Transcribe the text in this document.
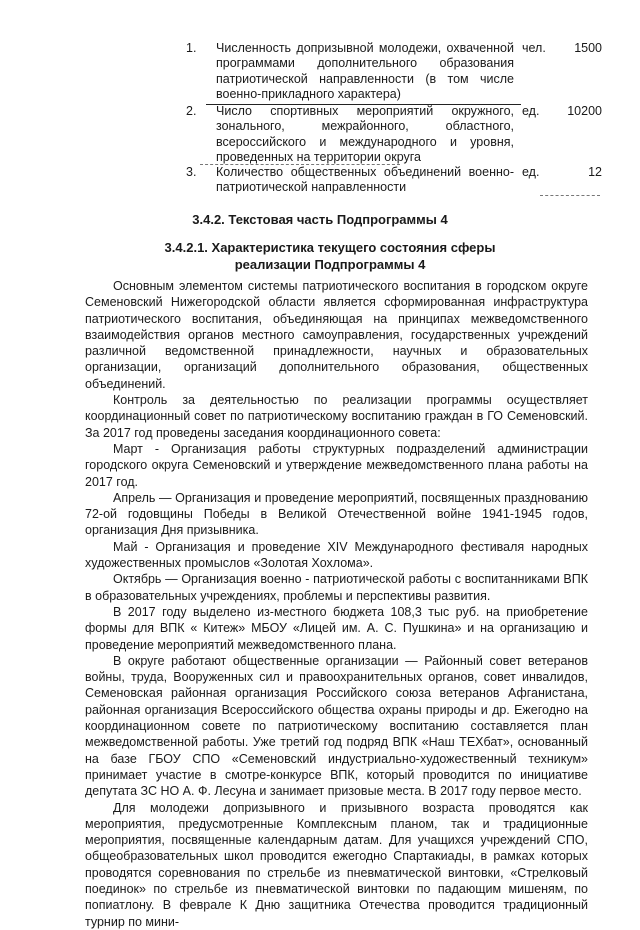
1. Численность допризывной молодежи, охваченной программами дополнительного образования патриотической направленности (в том числе военно-прикладного характера)
чел. 1500
2. Число спортивных мероприятий окружного, зонального, межрайонного, областного, всероссийского и международного и уровня, проведенных на территории округа
ед. 10200
3. Количество общественных объединений военно-патриотической направленности
ед.	12
3.4.2. Текстовая часть Подпрограммы 4
3.4.2.1. Характеристика текущего состояния сферы
реализации Подпрограммы 4

Основным элементом системы патриотического воспитания в городском округе Семеновский Нижегородской области является сформированная инфраструктура патриотического воспитания, объединяющая на принципах межведомственного взаимодействия органов местного самоуправления, государственных учреждений различной ведомственной принадлежности, научных и образовательных организации, организаций дополнительного образования, общественных объединений.

Контроль за деятельностью по реализации программы осуществляет координационный совет по патриотическому воспитанию граждан в ГО Семеновский. За 2017 год проведены заседания координационного совета:

Март - Организация работы структурных подразделений администрации городского округа Семеновский и утверждение межведомственного плана работы на 2017 год.

Апрель — Организация и проведение мероприятий, посвященных празднованию 72-ой годовщины Победы в Великой Отечественной войне 1941-1945 годов, организация Дня призывника.

Май - Организация и проведение XIV Международного фестиваля народных художественных промыслов «Золотая Хохлома».

Октябрь — Организация военно - патриотической работы с воспитанниками ВПК в образовательных учреждениях, проблемы и перспективы развития.

В 2017 году выделено из-местного бюджета 108,3 тыс руб. на приобретение формы для ВПК « Китеж» МБОУ «Лицей им. А. С. Пушкина» и на организацию и проведение мероприятий межведомственного плана.

В округе работают общественные организации — Районный совет ветеранов войны, труда, Вооруженных сил и правоохранительных органов, совет инвалидов, Семеновская районная организация Российского союза ветеранов Афганистана, районная организация Всероссийского общества охраны природы и др. Ежегодно на координационном совете по патриотическому воспитанию составляется план межведомственной работы. Уже третий год подряд ВПК «Наш ТЕХбат», основанный на базе ГБОУ СПО «Семеновский индустриально-художественный техникум» принимает участие в смотре-конкурсе ВПК, который проводится по инициативе депутата ЗС НО А. Ф. Лесуна и занимает призовые места. В 2017 году первое место.

Для молодежи допризывного и призывного возраста проводятся как мероприятия, предусмотренные Комплексным планом, так и традиционные мероприятия, посвященные календарным датам. Для учащихся учреждений СПО, общеобразовательных школ проводится ежегодно Спартакиады, в рамках которых проводятся соревнования по стрельбе из пневматической винтовки, «Стрелковый поединок» по стрельбе из пневматической винтовки по падающим мишеням, по попиатлону. В феврале К Дню защитника Отечества проводится традиционный турнир по мини-
